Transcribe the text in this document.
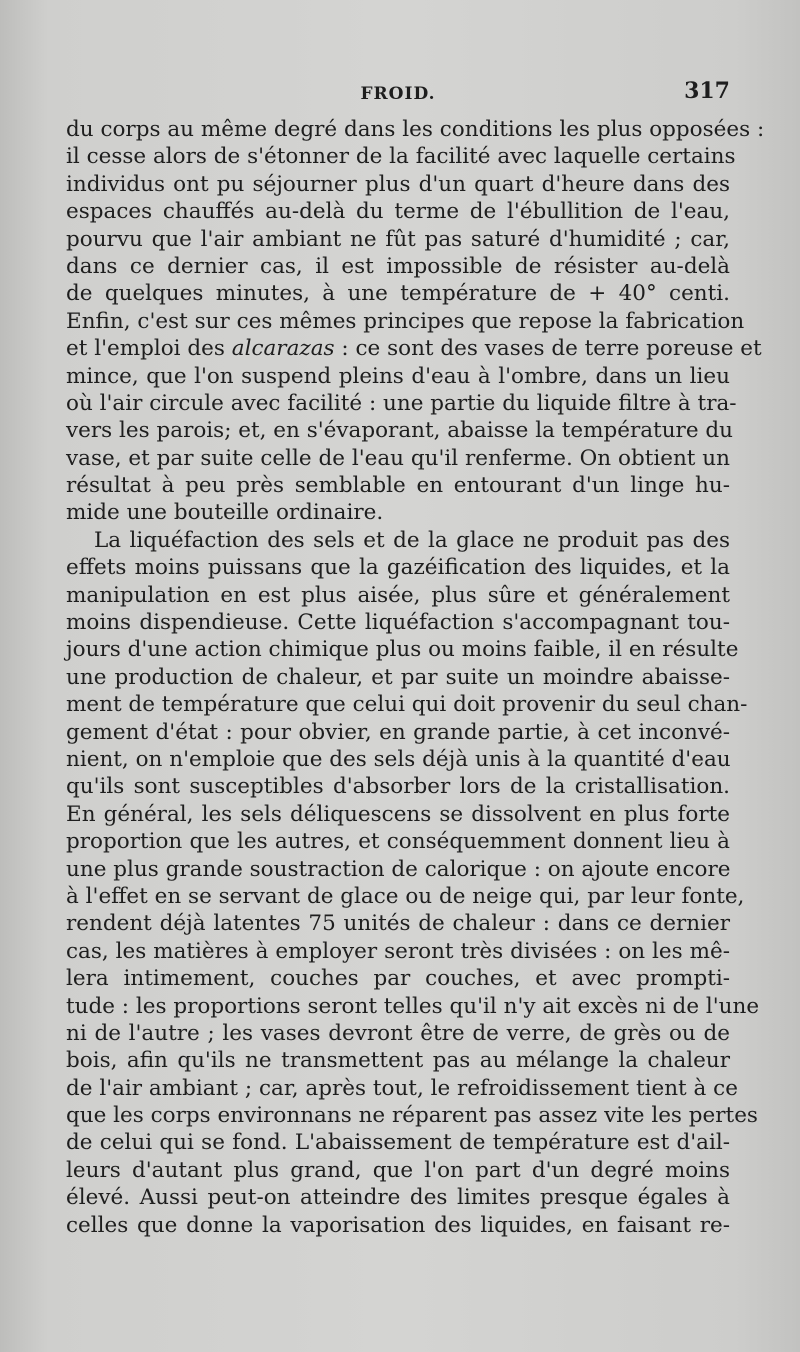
FROID.	317
du corps au même degré dans les conditions les plus opposées :
il cesse alors de s'étonner de la facilité avec laquelle certains
individus ont pu séjourner plus d'un quart d'heure dans des
espaces chauffés au-delà du terme de l'ébullition de l'eau,
pourvu que l'air ambiant ne fût pas saturé d'humidité ; car,
dans ce dernier cas, il est impossible de résister au-delà
de quelques minutes, à une température de + 40° centi.
Enfin, c'est sur ces mêmes principes que repose la fabrication
et l'emploi des alcarazas : ce sont des vases de terre poreuse et
mince, que l'on suspend pleins d'eau à l'ombre, dans un lieu
où l'air circule avec facilité : une partie du liquide filtre à tra-
vers les parois; et, en s'évaporant, abaisse la température du
vase, et par suite celle de l'eau qu'il renferme. On obtient un
résultat à peu près semblable en entourant d'un linge hu-
mide une bouteille ordinaire.
La liquéfaction des sels et de la glace ne produit pas des
effets moins puissans que la gazéification des liquides, et la
manipulation en est plus aisée, plus sûre et généralement
moins dispendieuse. Cette liquéfaction s'accompagnant tou-
jours d'une action chimique plus ou moins faible, il en résulte
une production de chaleur, et par suite un moindre abaisse-
ment de température que celui qui doit provenir du seul chan-
gement d'état : pour obvier, en grande partie, à cet inconvé-
nient, on n'emploie que des sels déjà unis à la quantité d'eau
qu'ils sont susceptibles d'absorber lors de la cristallisation.
En général, les sels déliquescens se dissolvent en plus forte
proportion que les autres, et conséquemment donnent lieu à
une plus grande soustraction de calorique : on ajoute encore
à l'effet en se servant de glace ou de neige qui, par leur fonte,
rendent déjà latentes 75 unités de chaleur : dans ce dernier
cas, les matières à employer seront très divisées : on les mê-
lera intimement, couches par couches, et avec prompti-
tude : les proportions seront telles qu'il n'y ait excès ni de l'une
ni de l'autre ; les vases devront être de verre, de grès ou de
bois, afin qu'ils ne transmettent pas au mélange la chaleur
de l'air ambiant ; car, après tout, le refroidissement tient à ce
que les corps environnans ne réparent pas assez vite les pertes
de celui qui se fond. L'abaissement de température est d'ail-
leurs d'autant plus grand, que l'on part d'un degré moins
élevé. Aussi peut-on atteindre des limites presque égales à
celles que donne la vaporisation des liquides, en faisant re-
